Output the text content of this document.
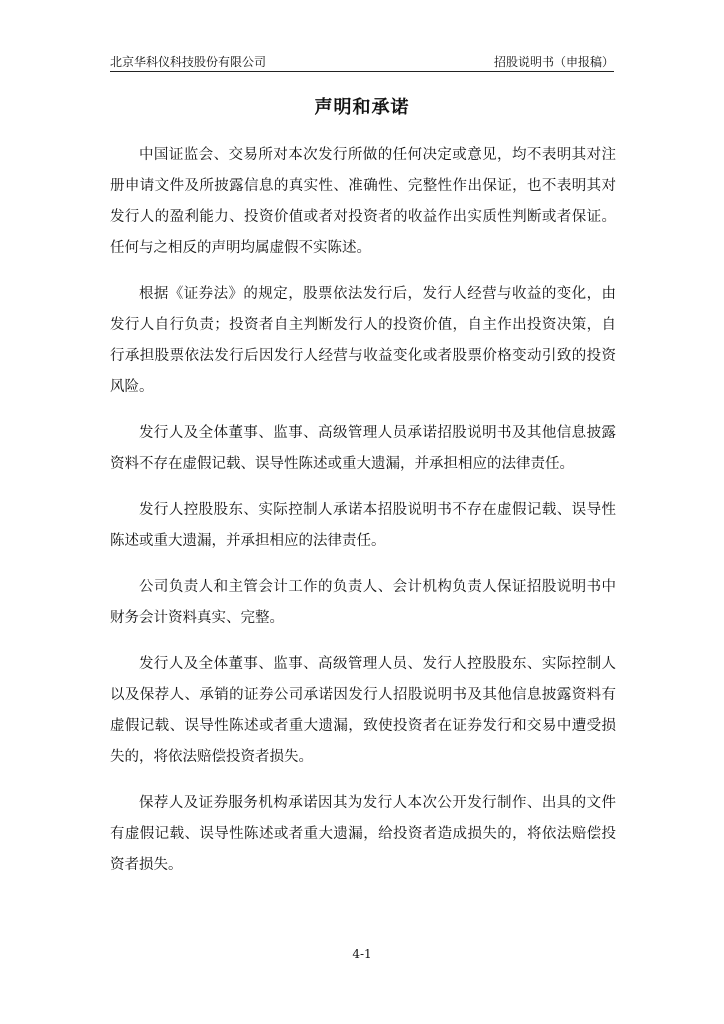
北京华科仪科技股份有限公司	招股说明书（申报稿）
声明和承诺

中国证监会、交易所对本次发行所做的任何决定或意见，均不表明其对注册申请文件及所披露信息的真实性、准确性、完整性作出保证，也不表明其对发行人的盈利能力、投资价值或者对投资者的收益作出实质性判断或者保证。任何与之相反的声明均属虚假不实陈述。

根据《证券法》的规定，股票依法发行后，发行人经营与收益的变化，由发行人自行负责；投资者自主判断发行人的投资价值，自主作出投资决策，自行承担股票依法发行后因发行人经营与收益变化或者股票价格变动引致的投资风险。

发行人及全体董事、监事、高级管理人员承诺招股说明书及其他信息披露资料不存在虚假记载、误导性陈述或重大遗漏，并承担相应的法律责任。

发行人控股股东、实际控制人承诺本招股说明书不存在虚假记载、误导性陈述或重大遗漏，并承担相应的法律责任。

公司负责人和主管会计工作的负责人、会计机构负责人保证招股说明书中财务会计资料真实、完整。

发行人及全体董事、监事、高级管理人员、发行人控股股东、实际控制人以及保荐人、承销的证券公司承诺因发行人招股说明书及其他信息披露资料有虚假记载、误导性陈述或者重大遗漏，致使投资者在证券发行和交易中遭受损失的，将依法赔偿投资者损失。

保荐人及证券服务机构承诺因其为发行人本次公开发行制作、出具的文件有虚假记载、误导性陈述或者重大遗漏，给投资者造成损失的，将依法赔偿投资者损失。

4-1
